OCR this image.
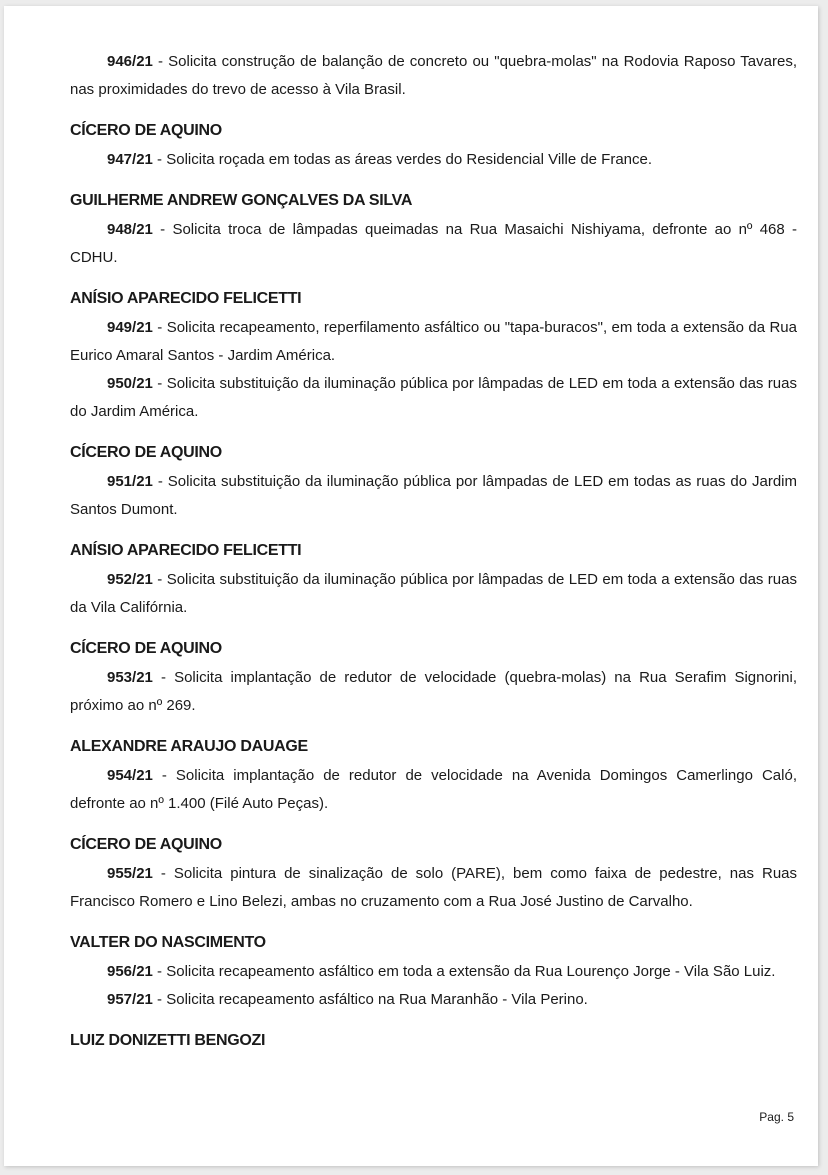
946/21 - Solicita construção de balanção de concreto ou "quebra-molas" na Rodovia Raposo Tavares, nas proximidades do trevo de acesso à Vila Brasil.

CÍCERO DE AQUINO

947/21 - Solicita roçada em todas as áreas verdes do Residencial Ville de France.

GUILHERME ANDREW GONÇALVES DA SILVA

948/21 - Solicita troca de lâmpadas queimadas na Rua Masaichi Nishiyama, defronte ao nº 468 - CDHU.

ANÍSIO APARECIDO FELICETTI

949/21 - Solicita recapeamento, reperfilamento asfáltico ou "tapa-buracos", em toda a extensão da Rua Eurico Amaral Santos - Jardim América.

950/21 - Solicita substituição da iluminação pública por lâmpadas de LED em toda a extensão das ruas do Jardim América.

CÍCERO DE AQUINO

951/21 - Solicita substituição da iluminação pública por lâmpadas de LED em todas as ruas do Jardim Santos Dumont.

ANÍSIO APARECIDO FELICETTI

952/21 - Solicita substituição da iluminação pública por lâmpadas de LED em toda a extensão das ruas da Vila Califórnia.

CÍCERO DE AQUINO

953/21 - Solicita implantação de redutor de velocidade (quebra-molas) na Rua Serafim Signorini, próximo ao nº 269.

ALEXANDRE ARAUJO DAUAGE

954/21 - Solicita implantação de redutor de velocidade na Avenida Domingos Camerlingo Caló, defronte ao nº 1.400 (Filé Auto Peças).

CÍCERO DE AQUINO

955/21 - Solicita pintura de sinalização de solo (PARE), bem como faixa de pedestre, nas Ruas Francisco Romero e Lino Belezi, ambas no cruzamento com a Rua José Justino de Carvalho.

VALTER DO NASCIMENTO

956/21 - Solicita recapeamento asfáltico em toda a extensão da Rua Lourenço Jorge - Vila São Luiz.

957/21 - Solicita recapeamento asfáltico na Rua Maranhão - Vila Perino.

LUIZ DONIZETTI BENGOZI
Pag. 5
